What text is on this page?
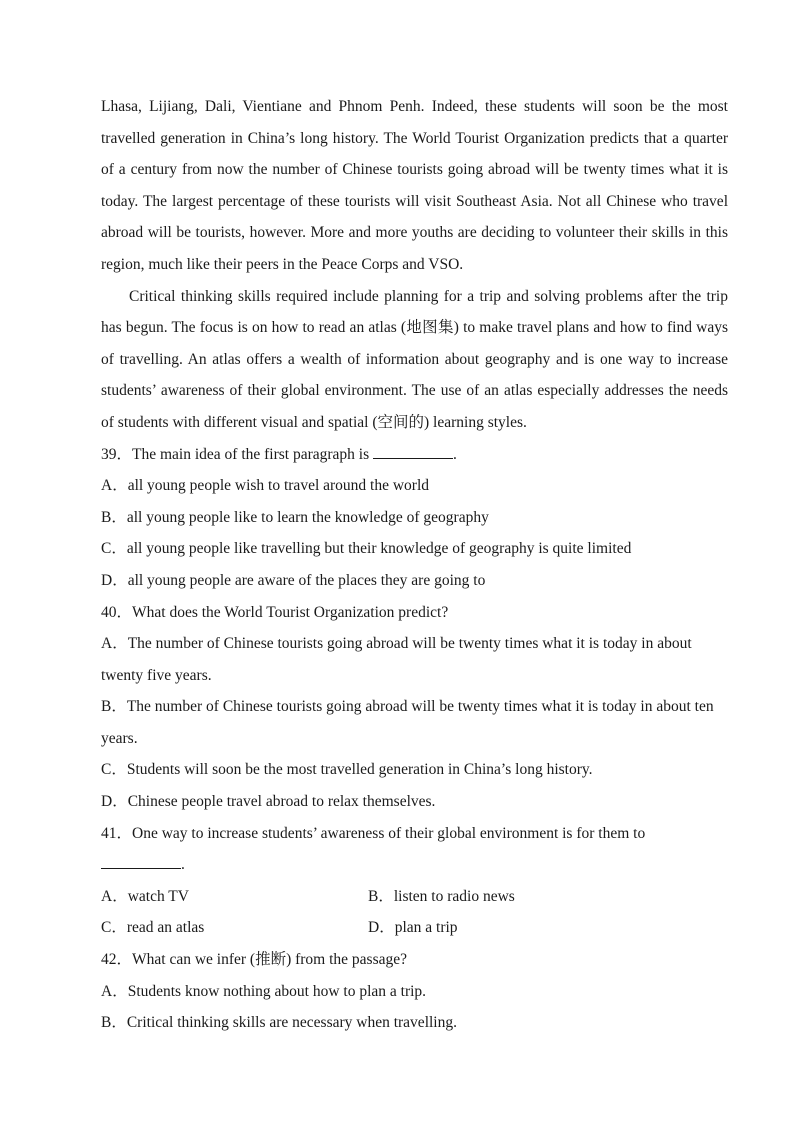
Lhasa, Lijiang, Dali, Vientiane and Phnom Penh. Indeed, these students will soon be the most travelled generation in China’s long history. The World Tourist Organization predicts that a quarter of a century from now the number of Chinese tourists going abroad will be twenty times what it is today. The largest percentage of these tourists will visit Southeast Asia. Not all Chinese who travel abroad will be tourists, however. More and more youths are deciding to volunteer their skills in this region, much like their peers in the Peace Corps and VSO.

Critical thinking skills required include planning for a trip and solving problems after the trip has begun. The focus is on how to read an atlas (地图集) to make travel plans and how to find ways of travelling. An atlas offers a wealth of information about geography and is one way to increase students’ awareness of their global environment. The use of an atlas especially addresses the needs of students with different visual and spatial (空间的) learning styles.

39．The main idea of the first paragraph is	.

A．all young people wish to travel around the world

B．all young people like to learn the knowledge of geography

C．all young people like travelling but their knowledge of geography is quite limited

D．all young people are aware of the places they are going to

40．What does the World Tourist Organization predict?

A．The number of Chinese tourists going abroad will be twenty times what it is today in about twenty five years.

B．The number of Chinese tourists going abroad will be twenty times what it is today in about ten years.

C．Students will soon be the most travelled generation in China’s long history.

D．Chinese people travel abroad to relax themselves.

41．One way to increase students’ awareness of their global environment is for them to

.

A．watch TV	B．listen to radio news
C．read an atlas	D．plan a trip

42．What can we infer (推断) from the passage?

A．Students know nothing about how to plan a trip.

B．Critical thinking skills are necessary when travelling.
